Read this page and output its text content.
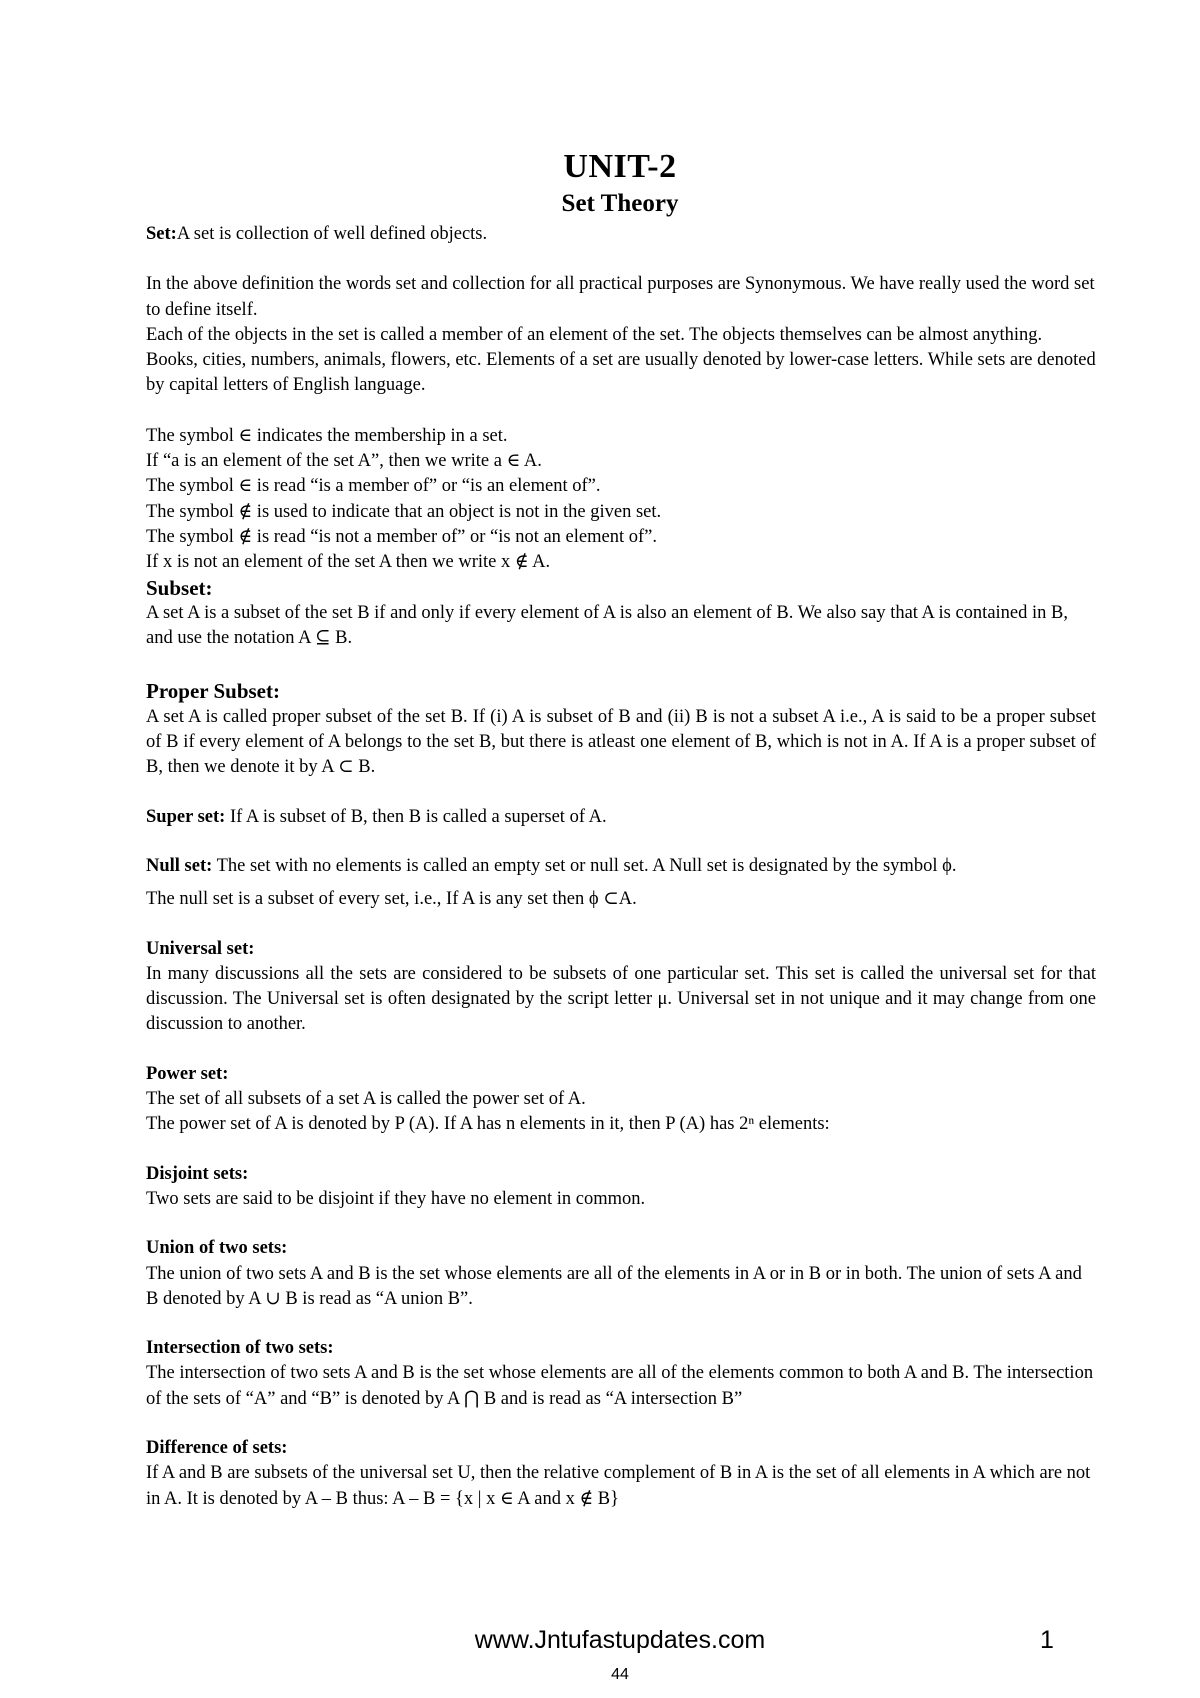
UNIT-2
Set Theory

Set:A set is collection of well defined objects.

In the above definition the words set and collection for all practical purposes are Synonymous. We have really used the word set to define itself.

Each of the objects in the set is called a member of an element of the set. The objects themselves can be almost anything. Books, cities, numbers, animals, flowers, etc. Elements of a set are usually denoted by lower-case letters. While sets are denoted by capital letters of English language.

The symbol ∈ indicates the membership in a set.

If “a is an element of the set A”, then we write a ∈ A.

The symbol ∈ is read “is a member of” or “is an element of”.

The symbol ∉ is used to indicate that an object is not in the given set.

The symbol ∉ is read “is not a member of” or “is not an element of”.

If x is not an element of the set A then we write x ∉ A.

Subset:

A set A is a subset of the set B if and only if every element of A is also an element of B. We also say that A is contained in B, and use the notation A ⊆ B.

Proper Subset:

A set A is called proper subset of the set B. If (i) A is subset of B and (ii) B is not a subset A i.e., A is said to be a proper subset of B if every element of A belongs to the set B, but there is atleast one element of B, which is not in A. If A is a proper subset of B, then we denote it by A ⊂ B.

Super set: If A is subset of B, then B is called a superset of A.

Null set: The set with no elements is called an empty set or null set. A Null set is designated by the symbol ϕ.

The null set is a subset of every set, i.e., If A is any set then ϕ ⊂A.

Universal set:

In many discussions all the sets are considered to be subsets of one particular set. This set is called the universal set for that discussion. The Universal set is often designated by the script letter μ. Universal set in not unique and it may change from one discussion to another.

Power set:

The set of all subsets of a set A is called the power set of A.

The power set of A is denoted by P (A). If A has n elements in it, then P (A) has 2ⁿ elements:

Disjoint sets:

Two sets are said to be disjoint if they have no element in common.

Union of two sets:

The union of two sets A and B is the set whose elements are all of the elements in A or in B or in both. The union of sets A and B denoted by A ∪ B is read as “A union B”.

Intersection of two sets:

The intersection of two sets A and B is the set whose elements are all of the elements common to both A and B. The intersection of the sets of “A” and “B” is denoted by A ⋂ B and is read as “A intersection B”

Difference of sets:

If A and B are subsets of the universal set U, then the relative complement of B in A is the set of all elements in A which are not in A. It is denoted by A – B thus: A – B = {x | x ∈ A and x ∉ B}

www.Jntufastupdates.com	1
44
